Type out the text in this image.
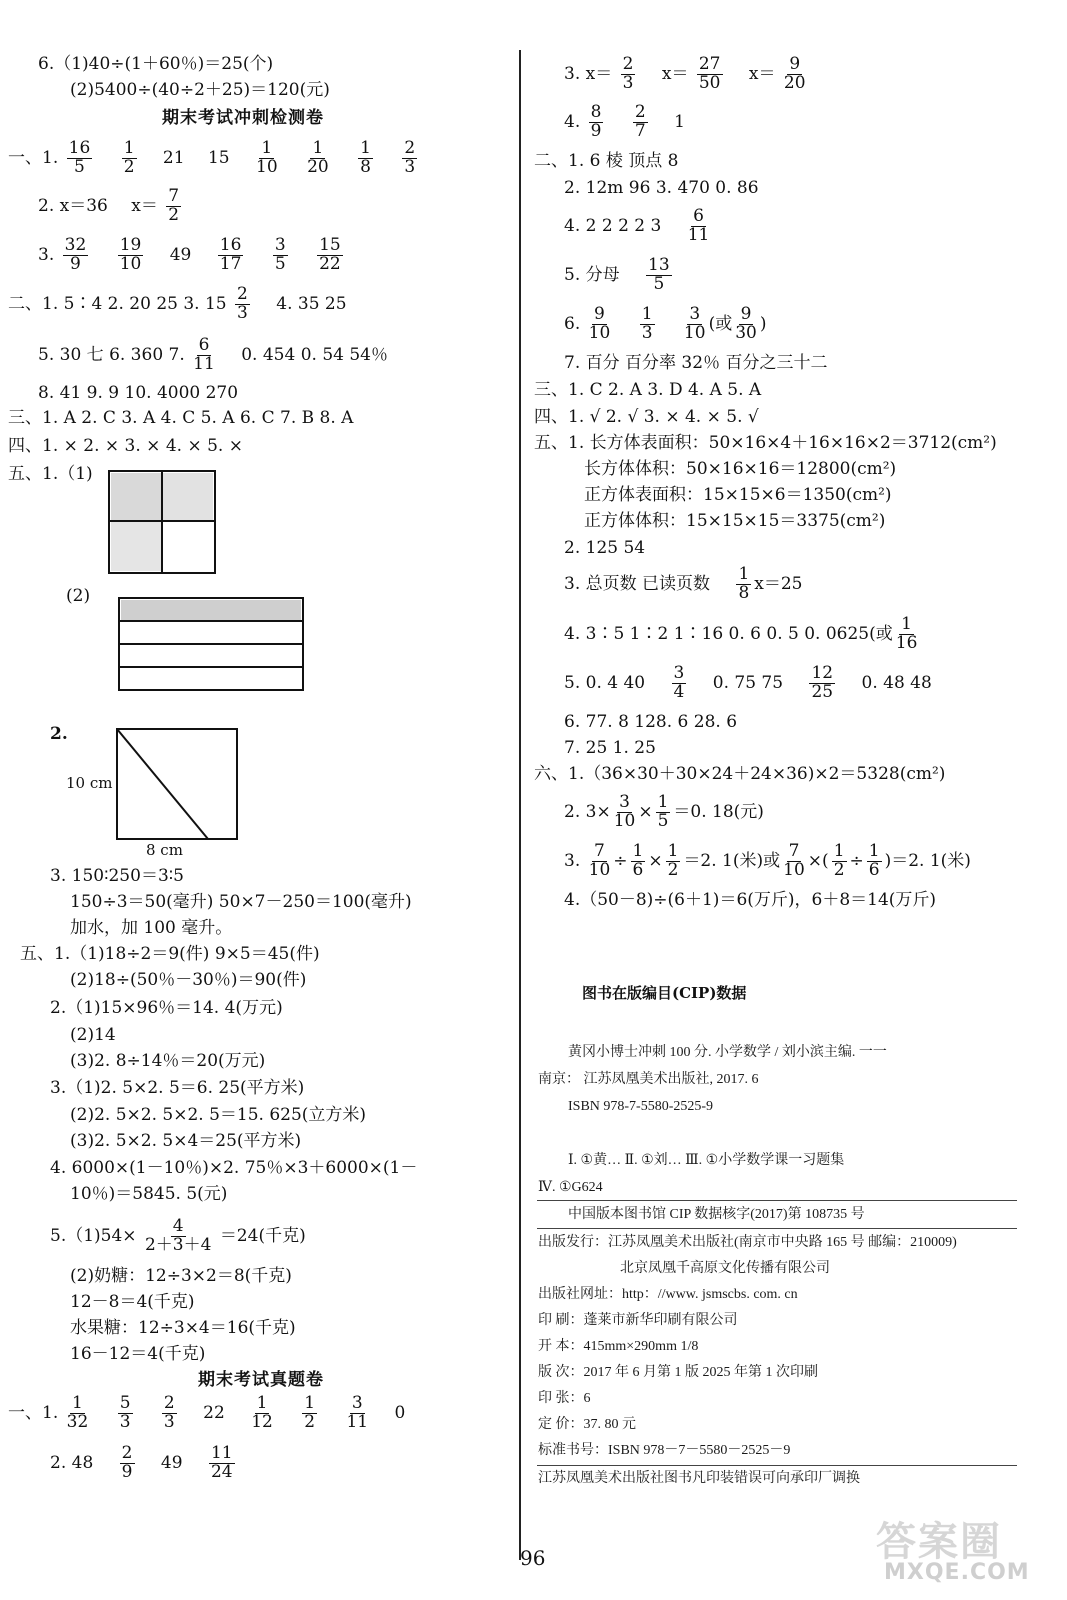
6.（1)40÷(1＋60％)＝25(个)
(2)5400÷(40÷2＋25)＝120(元)
期末考试冲刺检测卷
一、1. $\frac{16}{5}$
$\frac{1}{2} 21$ $15 \frac{1}{10}$
$\frac{1}{20}$
$\frac{1}{8}$
$\frac{2}{3}$
2. x＝36 $x= \frac{7}{2}$
3. $\frac{32}{9}$
$\frac{19}{10} 49 \frac{16}{17}$
$\frac{3}{5}$
$\frac{15}{22}$
二、1. 5∶4 2. 20 25 3. $15 \frac{2}{3} 4$. 35 25
5. 30 七 6. 360 7. $\frac{6}{11} 0$. 454 0. 54 54％
8. 41 9. 9 10. 4000 270
三、1. A 2. C 3. A 4. C 5. A 6. C 7. B 8. A
四、1. × 2. × 3. × 4. × 5. ×
五、1.（1)
(2)
2.
10 cm
8 cm
3. 150∶250＝3∶5
150÷3＝50(毫升) 50×7－250＝100(毫升)
加水，加 100 毫升。
五、1.（1)18÷2＝9(件) 9×5＝45(件)
(2)18÷(50％－30％)＝90(件)
2.（1)15×96％＝14. 4(万元)
(2)14
(3)2. 8÷14％＝20(万元)
3.（1)2. 5×2. 5＝6. 25(平方米)
(2)2. 5×2. 5×2. 5＝15. 625(立方米)
(3)2. 5×2. 5×4＝25(平方米)
4. 6000×(1－10％)×2. 75％×3＋6000×(1－
10％)＝5845. 5(元)
$5.(1)54\times \frac{4}{2+3+4} =24$(千克)
(2)奶糖：12÷3×2＝8(千克)
12－8＝4(千克)
水果糖：12÷3×4＝16(千克)
16－12＝4(千克)
期末考试真题卷
一、1. $\frac{1}{32}$
$\frac{5}{3}$
$\frac{2}{3} 22 \frac{1}{12}$
$\frac{1}{2}$
$\frac{3}{11} 0$
2. $48 \frac{2}{9} 49 \frac{11}{24}$
3. $x= \frac{2}{3} x= \frac{27}{50} x= \frac{9}{20}$
4. $\frac{8}{9}$
$\frac{2}{7} 1$
二、1. 6 棱 顶点 8
2. 12m 96 3. 470 0. 86
4. 2 2 2 2 $3 \frac{6}{11}$
5. 分母 $\frac{13}{5}$
6. $\frac{9}{10}$
$\frac{1}{3}$
$\frac{3}{10}$ (或 $\frac{9}{30}$ )
7. 百分 百分率 32％ 百分之三十二
三、1. C 2. A 3. D 4. A 5. A
四、1. √ 2. √ 3. × 4. × 5. √
五、1. 长方体表面积：50×16×4＋16×16×2＝3712(cm²)
长方体体积：50×16×16＝12800(cm²)
正方体表面积：15×15×6＝1350(cm²)
正方体体积：15×15×15＝3375(cm²)
2. 125 54
3. 总页数 已读页数 $\frac{1}{8} x=25$
4. 3∶5 1∶2 1∶16 0. 6 0. 5 0. 0625(或 $\frac{1}{16}$
5. 0. 4 $40 \frac{3}{4} 0$. 75 $75 \frac{12}{25} 0$. 48 48
6. 77. 8 128. 6 28. 6
7. 25 1. 25
六、1.（36×30＋30×24＋24×36)×2＝5328(cm²)
2. $3\times \frac{3}{10} \times \frac{1}{5} =0$. 18(元)
3. $\frac{7}{10} \div \frac{1}{6} \times \frac{1}{2} =2$. 1(米)或 $\frac{7}{10}$ ×( $\frac{1}{2} \div \frac{1}{6} )=2$. 1(米)
4.（50－8)÷(6＋1)＝6(万斤)，6＋8＝14(万斤)
图书在版编目(CIP)数据
黄冈小博士冲刺 100 分. 小学数学 / 刘小滨主编. 一一
南京： 江苏凤凰美术出版社, 2017. 6
ISBN 978-7-5580-2525-9
Ⅰ. ①黄… Ⅱ. ①刘… Ⅲ. ①小学数学课一习题集
Ⅳ. ①G624
中国版本图书馆 CIP 数据核字(2017)第 108735 号
出版发行：江苏凤凰美术出版社(南京市中央路 165 号 邮编：210009)
北京凤凰千高原文化传播有限公司
出版社网址：http：//www. jsmscbs. com. cn
印 刷：蓬莱市新华印刷有限公司
开 本：415mm×290mm 1/8
版 次：2017 年 6 月第 1 版 2025 年第 1 次印刷
印 张：6
定 价：37. 80 元
标准书号：ISBN 978－7－5580－2525－9
江苏凤凰美术出版社图书凡印装错误可向承印厂调换
96	答案圈
MXQE.COM
